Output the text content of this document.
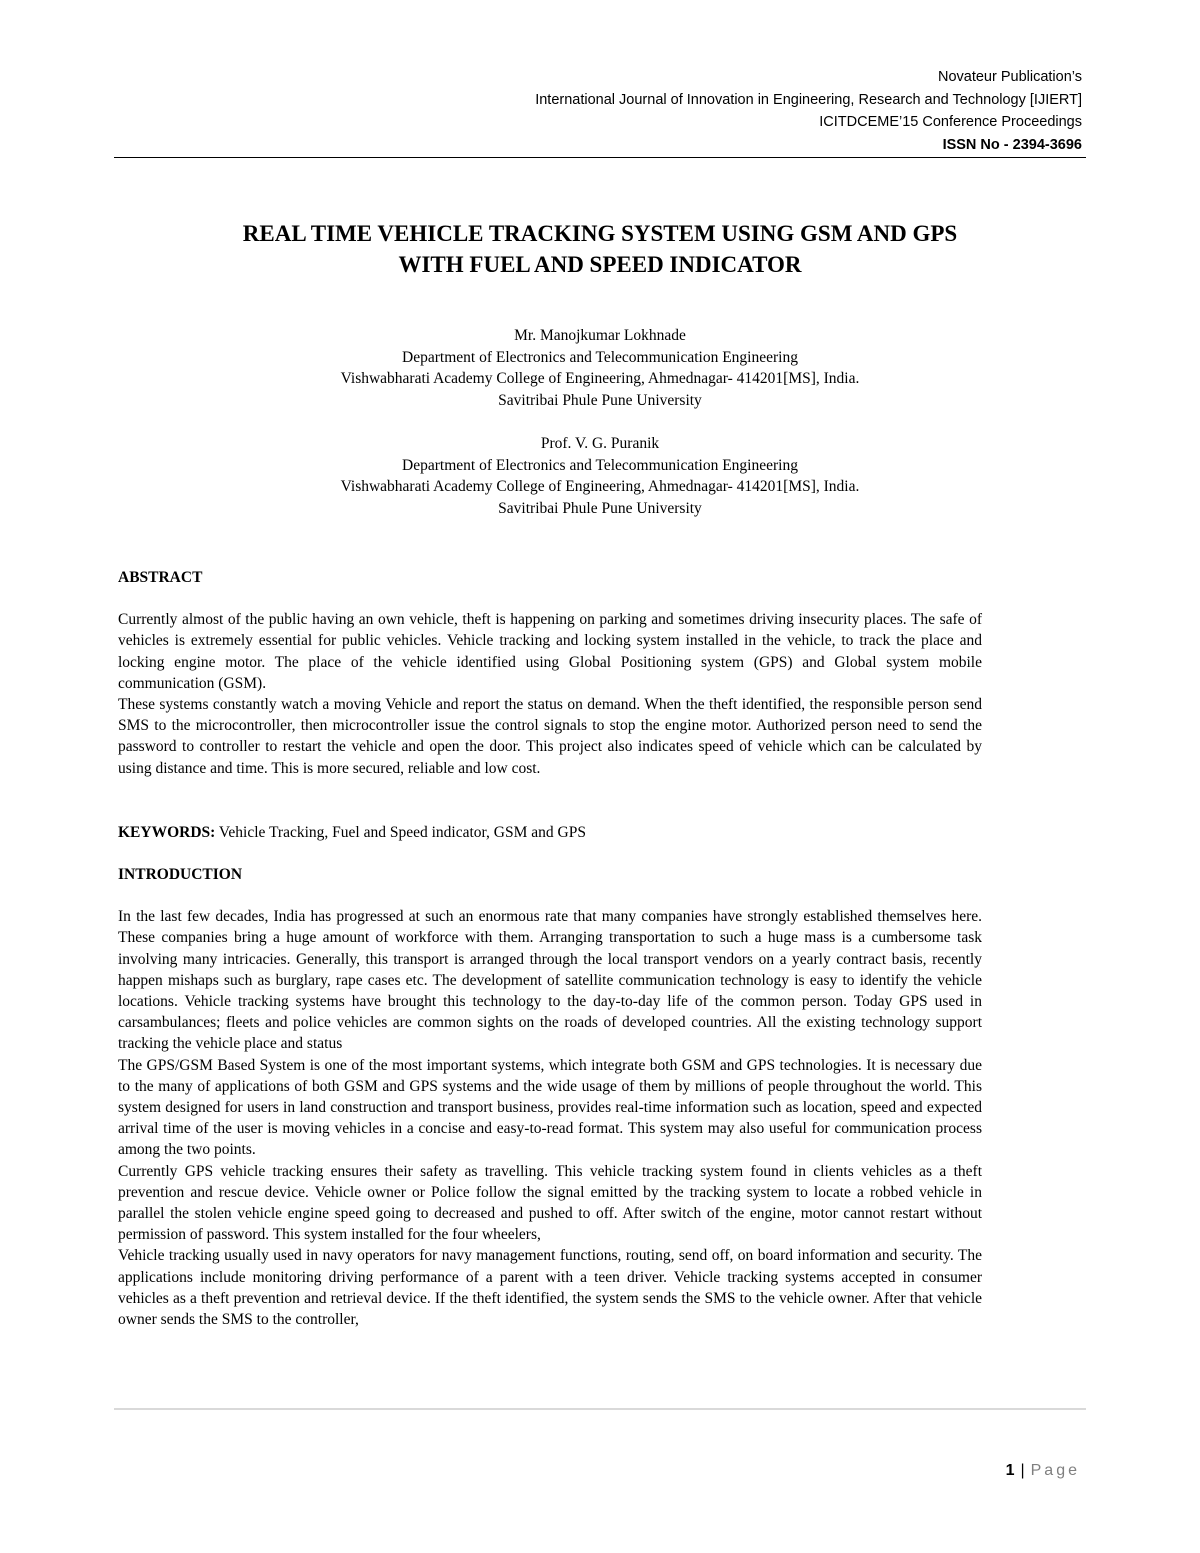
Novateur Publication’s
International Journal of Innovation in Engineering, Research and Technology [IJIERT]
ICITDCEME’15 Conference Proceedings
ISSN No - 2394-3696
REAL TIME VEHICLE TRACKING SYSTEM USING GSM AND GPS
WITH FUEL AND SPEED INDICATOR
Mr. Manojkumar Lokhnade
Department of Electronics and Telecommunication Engineering
Vishwabharati Academy College of Engineering, Ahmednagar- 414201[MS], India.
Savitribai Phule Pune University
Prof. V. G. Puranik
Department of Electronics and Telecommunication Engineering
Vishwabharati Academy College of Engineering, Ahmednagar- 414201[MS], India.
Savitribai Phule Pune University
ABSTRACT

Currently almost of the public having an own vehicle, theft is happening on parking and sometimes driving insecurity places. The safe of vehicles is extremely essential for public vehicles. Vehicle tracking and locking system installed in the vehicle, to track the place and locking engine motor. The place of the vehicle identified using Global Positioning system (GPS) and Global system mobile communication (GSM).

These systems constantly watch a moving Vehicle and report the status on demand. When the theft identified, the responsible person send SMS to the microcontroller, then microcontroller issue the control signals to stop the engine motor. Authorized person need to send the password to controller to restart the vehicle and open the door. This project also indicates speed of vehicle which can be calculated by using distance and time. This is more secured, reliable and low cost.

KEYWORDS: Vehicle Tracking, Fuel and Speed indicator, GSM and GPS
INTRODUCTION

In the last few decades, India has progressed at such an enormous rate that many companies have strongly established themselves here. These companies bring a huge amount of workforce with them. Arranging transportation to such a huge mass is a cumbersome task involving many intricacies. Generally, this transport is arranged through the local transport vendors on a yearly contract basis, recently happen mishaps such as burglary, rape cases etc. The development of satellite communication technology is easy to identify the vehicle locations. Vehicle tracking systems have brought this technology to the day-to-day life of the common person. Today GPS used in carsambulances; fleets and police vehicles are common sights on the roads of developed countries. All the existing technology support tracking the vehicle place and status

The GPS/GSM Based System is one of the most important systems, which integrate both GSM and GPS technologies. It is necessary due to the many of applications of both GSM and GPS systems and the wide usage of them by millions of people throughout the world. This system designed for users in land construction and transport business, provides real-time information such as location, speed and expected arrival time of the user is moving vehicles in a concise and easy-to-read format. This system may also useful for communication process among the two points.

Currently GPS vehicle tracking ensures their safety as travelling. This vehicle tracking system found in clients vehicles as a theft prevention and rescue device. Vehicle owner or Police follow the signal emitted by the tracking system to locate a robbed vehicle in parallel the stolen vehicle engine speed going to decreased and pushed to off. After switch of the engine, motor cannot restart without permission of password. This system installed for the four wheelers,

Vehicle tracking usually used in navy operators for navy management functions, routing, send off, on board information and security. The applications include monitoring driving performance of a parent with a teen driver. Vehicle tracking systems accepted in consumer vehicles as a theft prevention and retrieval device. If the theft identified, the system sends the SMS to the vehicle owner. After that vehicle owner sends the SMS to the controller,

1 | Page
